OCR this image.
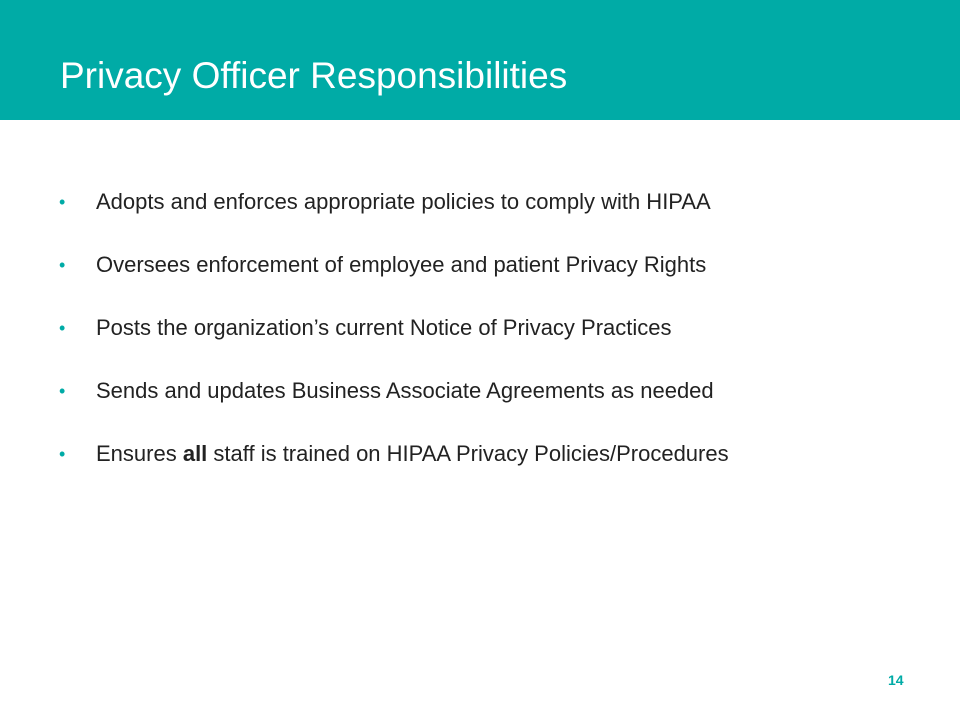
Privacy Officer Responsibilities
•	Adopts and enforces appropriate policies to comply with HIPAA
•	Oversees enforcement of employee and patient Privacy Rights
•	Posts the organization’s current Notice of Privacy Practices
•	Sends and updates Business Associate Agreements as needed
•	Ensures all staff is trained on HIPAA Privacy Policies/Procedures
14
